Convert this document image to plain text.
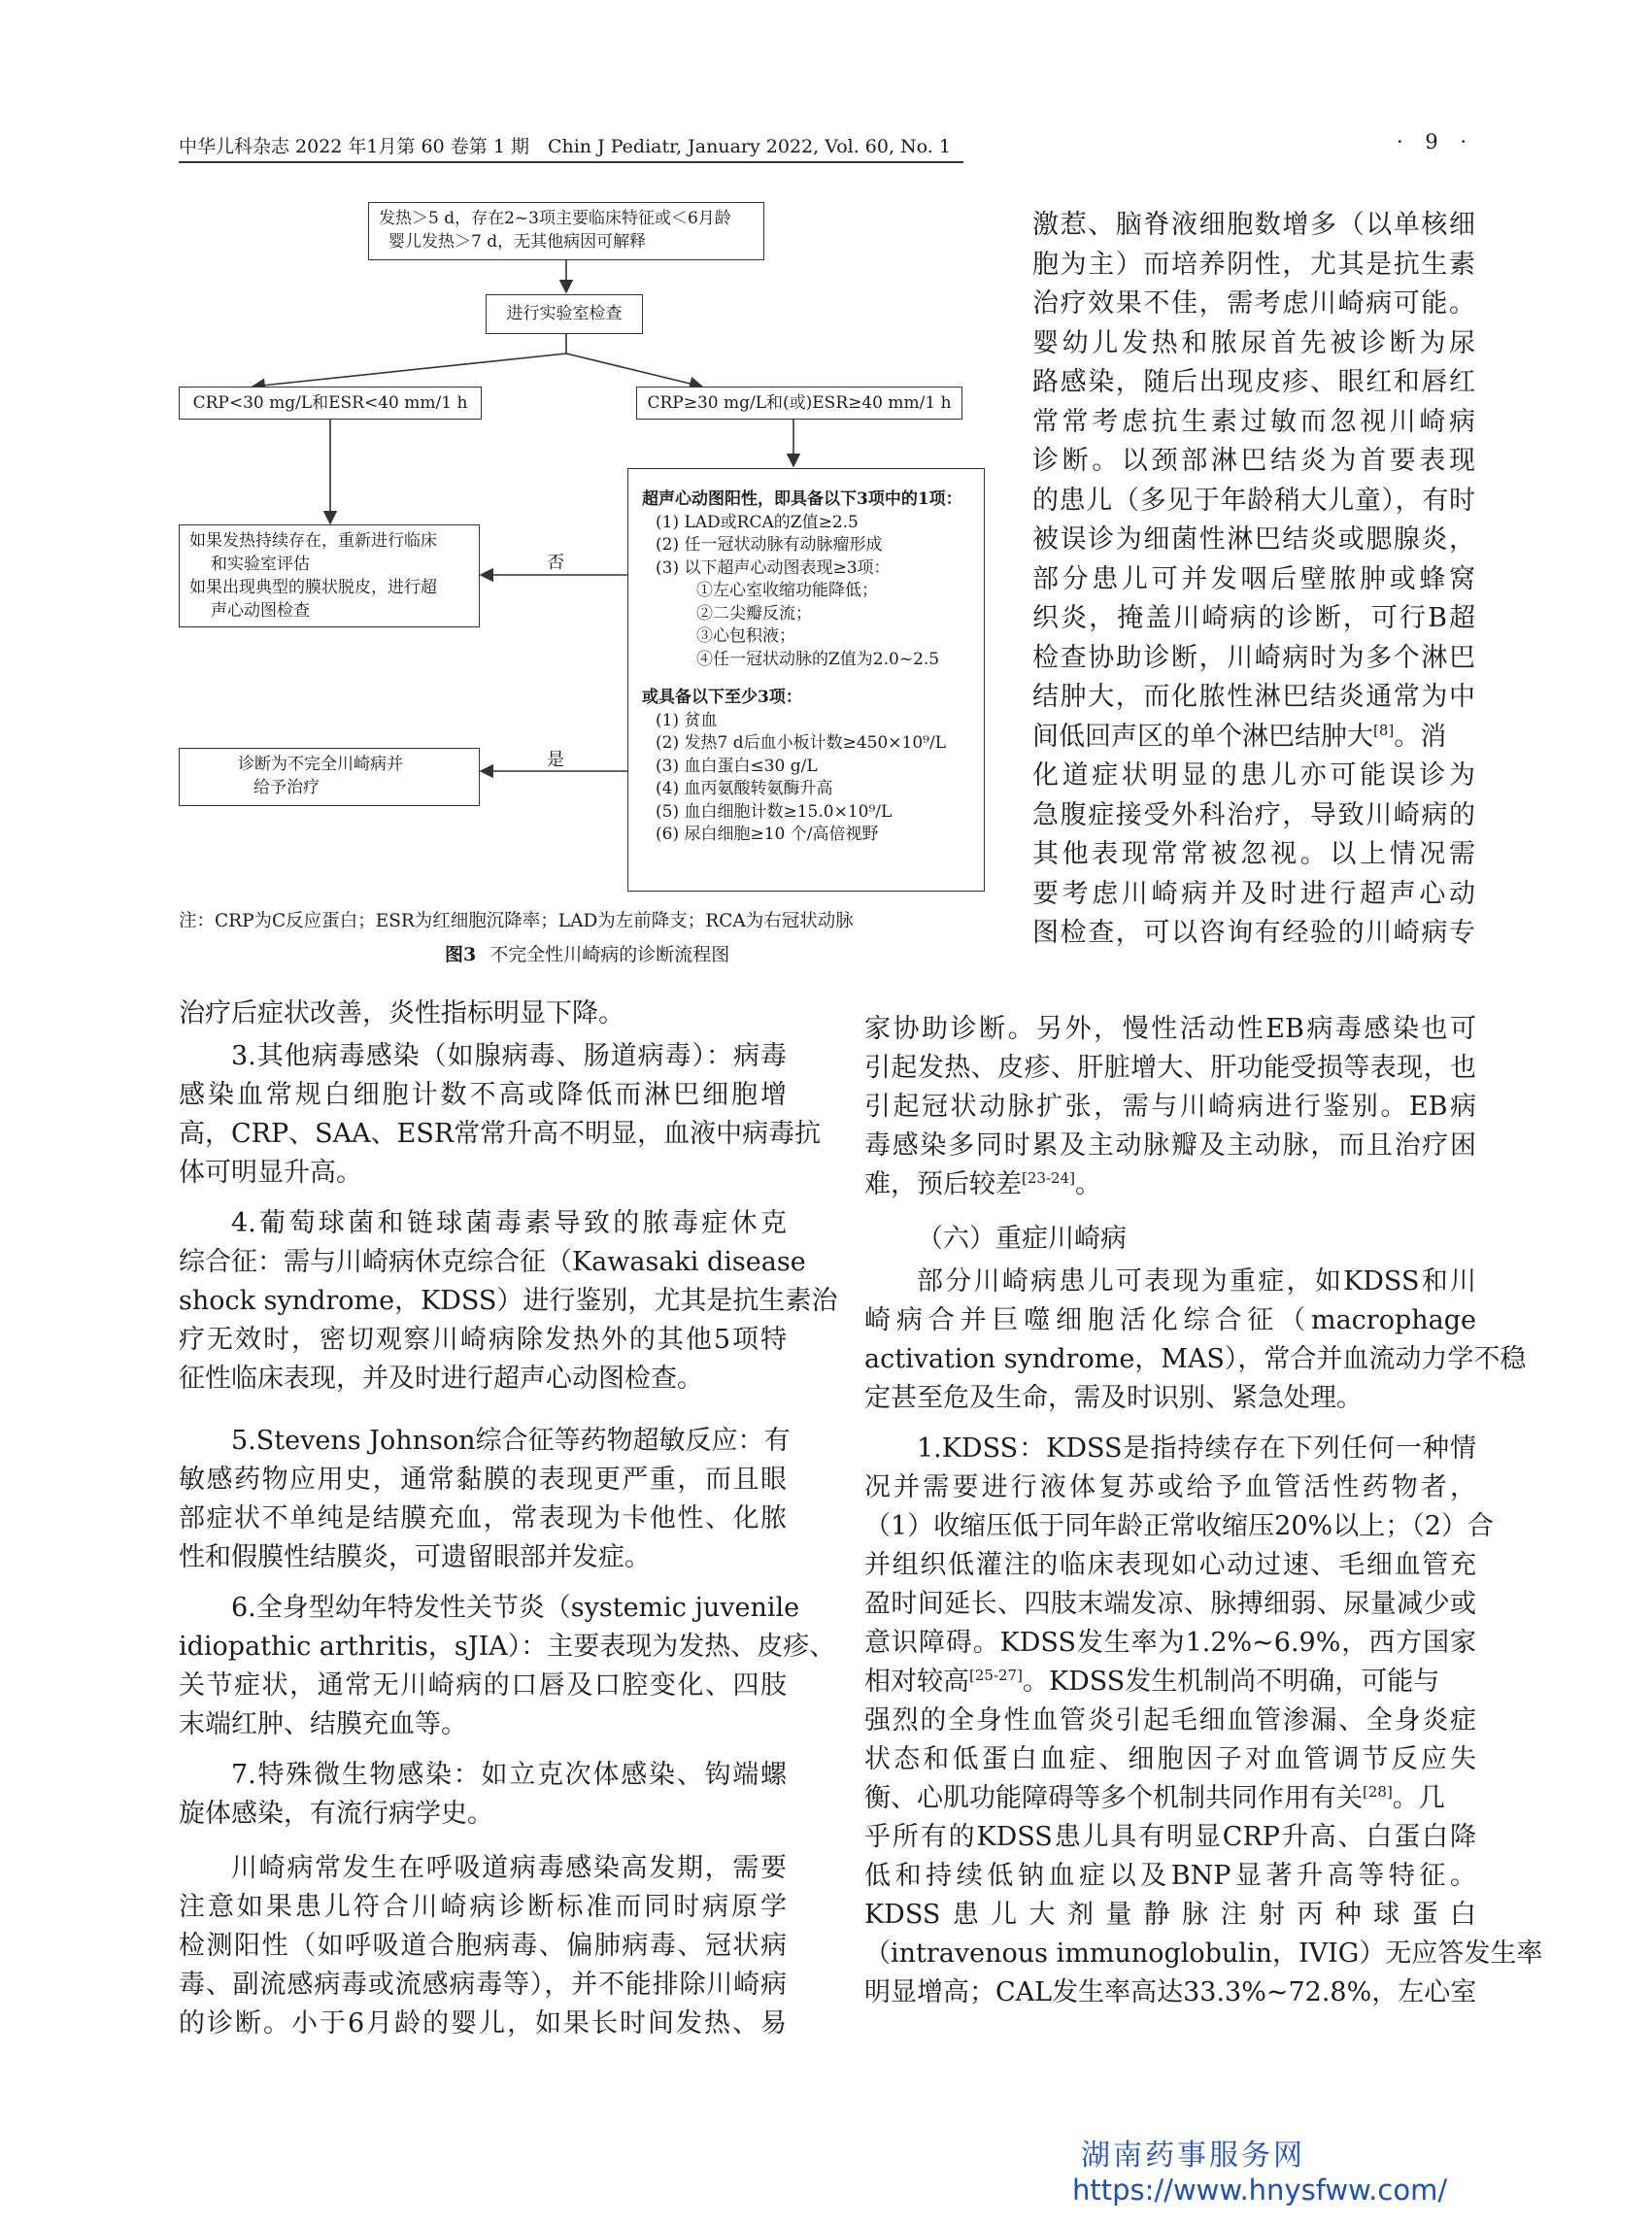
中华儿科杂志 2022 年1月第 60 卷第 1 期　Chin J Pediatr, January 2022, Vol. 60, No. 1	· 9 ·
发热＞5 d，存在2~3项主要临床特征或＜6月龄
婴儿发热＞7 d，无其他病因可解释
进行实验室检查
CRP<30 mg/L和ESR<40 mm/1 h	CRP≥30 mg/L和(或)ESR≥40 mm/1 h
如果发热持续存在，重新进行临床
和实验室评估
如果出现典型的膜状脱皮，进行超
声心动图检查
否
诊断为不完全川崎病并
给予治疗
是
超声心动图阳性，即具备以下3项中的1项：
(1) LAD或RCA的Z值≥2.5
(2) 任一冠状动脉有动脉瘤形成
(3) 以下超声心动图表现≥3项：
①左心室收缩功能降低；
②二尖瓣反流；
③心包积液；
④任一冠状动脉的Z值为2.0~2.5
或具备以下至少3项：
(1) 贫血
(2) 发热7 d后血小板计数≥450×10⁹/L
(3) 血白蛋白≤30 g/L
(4) 血丙氨酸转氨酶升高
(5) 血白细胞计数≥15.0×10⁹/L
(6) 尿白细胞≥10 个/高倍视野
注：CRP为C反应蛋白；ESR为红细胞沉降率；LAD为左前降支；RCA为右冠状动脉
图3 不完全性川崎病的诊断流程图
治疗后症状改善，炎性指标明显下降。
3.其他病毒感染（如腺病毒、肠道病毒）：病毒
感染血常规白细胞计数不高或降低而淋巴细胞增
高，CRP、SAA、ESR常常升高不明显，血液中病毒抗
体可明显升高。
4.葡萄球菌和链球菌毒素导致的脓毒症休克
综合征：需与川崎病休克综合征（Kawasaki disease
shock syndrome，KDSS）进行鉴别，尤其是抗生素治
疗无效时，密切观察川崎病除发热外的其他5项特
征性临床表现，并及时进行超声心动图检查。
5.Stevens Johnson综合征等药物超敏反应：有
敏感药物应用史，通常黏膜的表现更严重，而且眼
部症状不单纯是结膜充血，常表现为卡他性、化脓
性和假膜性结膜炎，可遗留眼部并发症。
6.全身型幼年特发性关节炎（systemic juvenile
idiopathic arthritis，sJIA）：主要表现为发热、皮疹、
关节症状，通常无川崎病的口唇及口腔变化、四肢
末端红肿、结膜充血等。
7.特殊微生物感染：如立克次体感染、钩端螺
旋体感染，有流行病学史。
川崎病常发生在呼吸道病毒感染高发期，需要
注意如果患儿符合川崎病诊断标准而同时病原学
检测阳性（如呼吸道合胞病毒、偏肺病毒、冠状病
毒、副流感病毒或流感病毒等），并不能排除川崎病
的诊断。小于6月龄的婴儿，如果长时间发热、易
激惹、脑脊液细胞数增多（以单核细
胞为主）而培养阴性，尤其是抗生素
治疗效果不佳，需考虑川崎病可能。
婴幼儿发热和脓尿首先被诊断为尿
路感染，随后出现皮疹、眼红和唇红
常常考虑抗生素过敏而忽视川崎病
诊断。以颈部淋巴结炎为首要表现
的患儿（多见于年龄稍大儿童），有时
被误诊为细菌性淋巴结炎或腮腺炎，
部分患儿可并发咽后壁脓肿或蜂窝
织炎，掩盖川崎病的诊断，可行B超
检查协助诊断，川崎病时为多个淋巴
结肿大，而化脓性淋巴结炎通常为中
间低回声区的单个淋巴结肿大[8]。消
化道症状明显的患儿亦可能误诊为
急腹症接受外科治疗，导致川崎病的
其他表现常常被忽视。以上情况需
要考虑川崎病并及时进行超声心动
图检查，可以咨询有经验的川崎病专
家协助诊断。另外，慢性活动性EB病毒感染也可
引起发热、皮疹、肝脏增大、肝功能受损等表现，也
引起冠状动脉扩张，需与川崎病进行鉴别。EB病
毒感染多同时累及主动脉瓣及主动脉，而且治疗困
难，预后较差[23-24]。
（六）重症川崎病
部分川崎病患儿可表现为重症，如KDSS和川
崎病合并巨噬细胞活化综合征（macrophage
activation syndrome，MAS），常合并血流动力学不稳
定甚至危及生命，需及时识别、紧急处理。
1.KDSS：KDSS是指持续存在下列任何一种情
况并需要进行液体复苏或给予血管活性药物者，
（1）收缩压低于同年龄正常收缩压20%以上；（2）合
并组织低灌注的临床表现如心动过速、毛细血管充
盈时间延长、四肢末端发凉、脉搏细弱、尿量减少或
意识障碍。KDSS发生率为1.2%~6.9%，西方国家
相对较高[25-27]。KDSS发生机制尚不明确，可能与
强烈的全身性血管炎引起毛细血管渗漏、全身炎症
状态和低蛋白血症、细胞因子对血管调节反应失
衡、心肌功能障碍等多个机制共同作用有关[28]。几
乎所有的KDSS患儿具有明显CRP升高、白蛋白降
低和持续低钠血症以及BNP显著升高等特征。
KDSS患儿大剂量静脉注射丙种球蛋白
（intravenous immunoglobulin，IVIG）无应答发生率
明显增高；CAL发生率高达33.3%~72.8%，左心室
湖南药事服务网
https://www.hnysfww.com/
